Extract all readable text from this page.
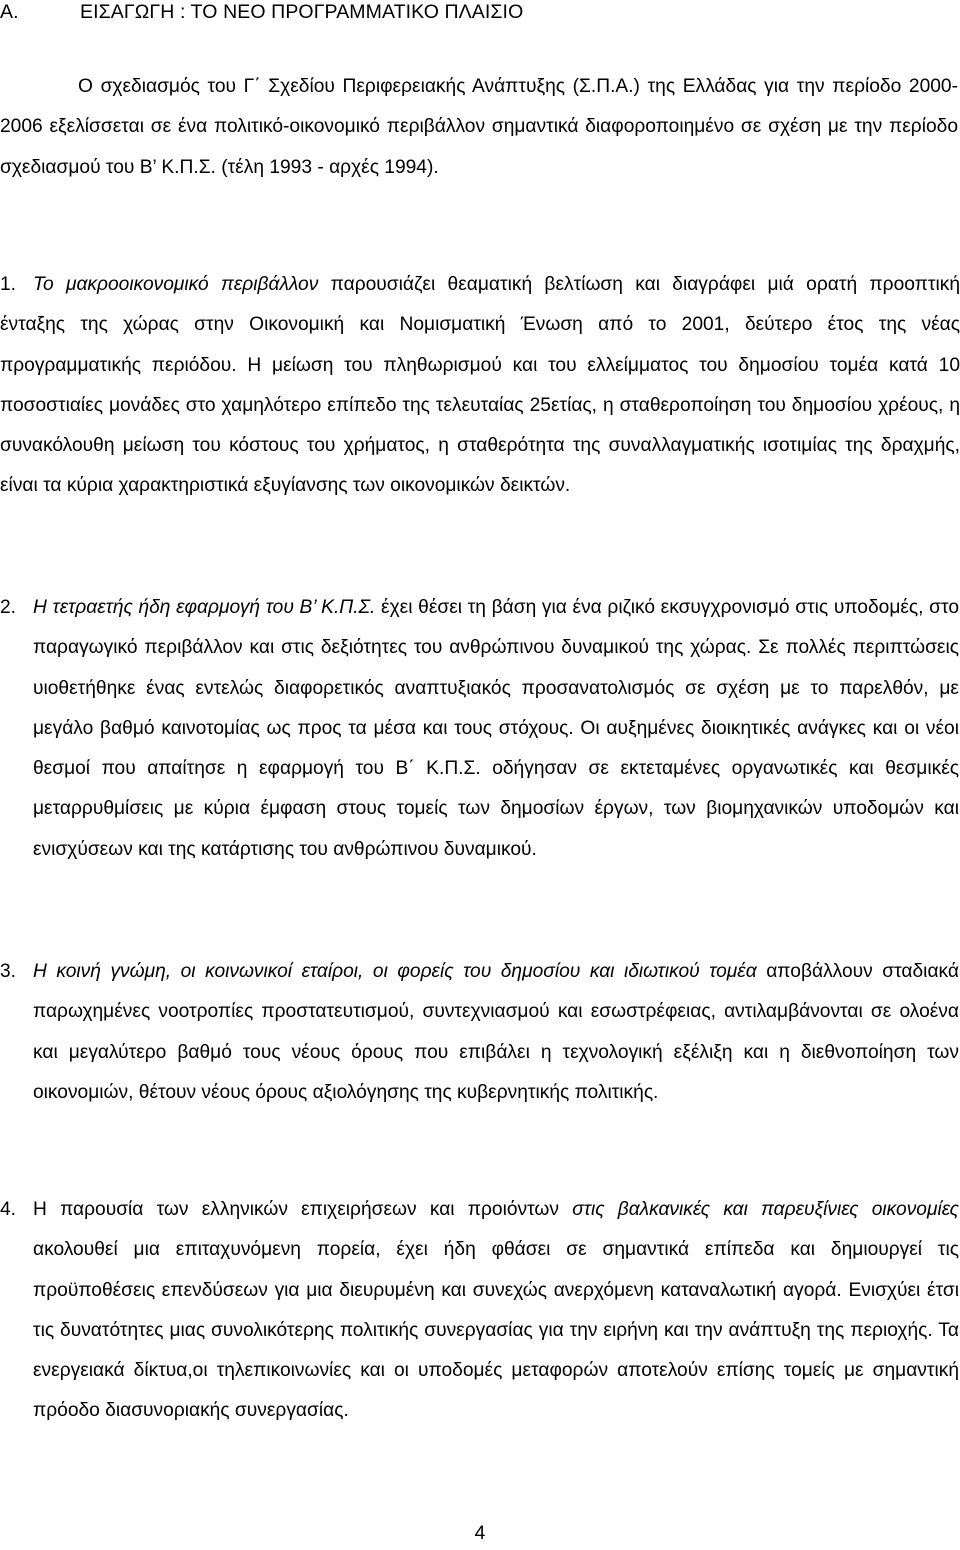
Α.	ΕΙΣΑΓΩΓΗ : ΤΟ ΝΕΟ ΠΡΟΓΡΑΜΜΑΤΙΚΟ ΠΛΑΙΣΙΟ

Ο σχεδιασμός του Γ΄ Σχεδίου Περιφερειακής Ανάπτυξης (Σ.Π.Α.) της Ελλάδας για την περίοδο 2000-2006 εξελίσσεται σε ένα πολιτικό-οικονομικό περιβάλλον σημαντικά διαφοροποιημένο σε σχέση με την περίοδο σχεδιασμού του Β’ Κ.Π.Σ. (τέλη 1993 - αρχές 1994).

1. Το μακροοικονομικό περιβάλλον παρουσιάζει θεαματική βελτίωση και διαγράφει μιά ορατή προοπτική ένταξης της χώρας στην Οικονομική και Νομισματική Ένωση από το 2001, δεύτερο έτος της νέας προγραμματικής περιόδου. Η μείωση του πληθωρισμού και του ελλείμματος του δημοσίου τομέα κατά 10 ποσοστιαίες μονάδες στο χαμηλότερο επίπεδο της τελευταίας 25ετίας, η σταθεροποίηση του δημοσίου χρέους, η συνακόλουθη μείωση του κόστους του χρήματος, η σταθερότητα της συναλλαγματικής ισοτιμίας της δραχμής, είναι τα κύρια χαρακτηριστικά εξυγίανσης των οικονομικών δεικτών.

2. Η τετραετής ήδη εφαρμογή του Β’ Κ.Π.Σ. έχει θέσει τη βάση για ένα ριζικό εκσυγχρονισμό στις υποδομές, στο παραγωγικό περιβάλλον και στις δεξιότητες του ανθρώπινου δυναμικού της χώρας. Σε πολλές περιπτώσεις υιοθετήθηκε ένας εντελώς διαφορετικός αναπτυξιακός προσανατολισμός σε σχέση με το παρελθόν, με μεγάλο βαθμό καινοτομίας ως προς τα μέσα και τους στόχους. Οι αυξημένες διοικητικές ανάγκες και οι νέοι θεσμοί που απαίτησε η εφαρμογή του Β΄ Κ.Π.Σ. οδήγησαν σε εκτεταμένες οργανωτικές και θεσμικές μεταρρυθμίσεις με κύρια έμφαση στους τομείς των δημοσίων έργων, των βιομηχανικών υποδομών και ενισχύσεων και της κατάρτισης του ανθρώπινου δυναμικού.

3. Η κοινή γνώμη, οι κοινωνικοί εταίροι, οι φορείς του δημοσίου και ιδιωτικού τομέα αποβάλλουν σταδιακά παρωχημένες νοοτροπίες προστατευτισμού, συντεχνιασμού και εσωστρέφειας, αντιλαμβάνονται σε ολοένα και μεγαλύτερο βαθμό τους νέους όρους που επιβάλει η τεχνολογική εξέλιξη και η διεθνοποίηση των οικονομιών, θέτουν νέους όρους αξιολόγησης της κυβερνητικής πολιτικής.

4. Η παρουσία των ελληνικών επιχειρήσεων και προιόντων στις βαλκανικές και παρευξίνιες οικονομίες ακολουθεί μια επιταχυνόμενη πορεία, έχει ήδη φθάσει σε σημαντικά επίπεδα και δημιουργεί τις προϋποθέσεις επενδύσεων για μια διευρυμένη και συνεχώς ανερχόμενη καταναλωτική αγορά. Ενισχύει έτσι τις δυνατότητες μιας συνολικότερης πολιτικής συνεργασίας για την ειρήνη και την ανάπτυξη της περιοχής. Τα ενεργειακά δίκτυα,οι τηλεπικοινωνίες και οι υποδομές μεταφορών αποτελούν επίσης τομείς με σημαντική πρόοδο διασυνοριακής συνεργασίας.

4
